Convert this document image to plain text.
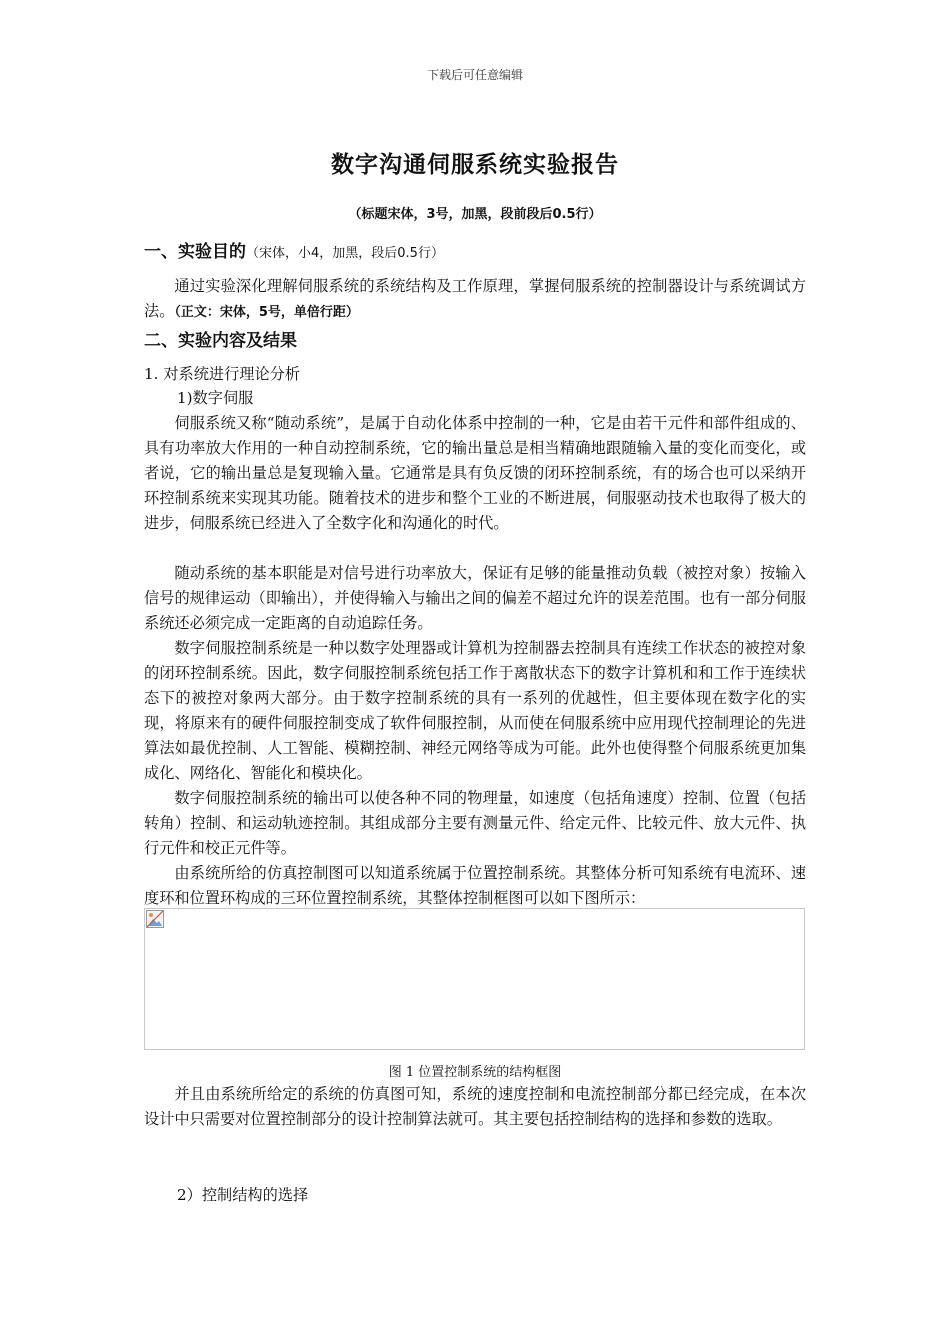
下载后可任意编辑
数字沟通伺服系统实验报告
（标题宋体，3号，加黑，段前段后0.5行）
一、实验目的（宋体，小4，加黑，段后0.5行）

通过实验深化理解伺服系统的系统结构及工作原理，掌握伺服系统的控制器设计与系统调试方法。（正文：宋体，5号，单倍行距）

二、实验内容及结果
1. 对系统进行理论分析
1)数字伺服

伺服系统又称“随动系统”，是属于自动化体系中控制的一种，它是由若干元件和部件组成的、具有功率放大作用的一种自动控制系统，它的输出量总是相当精确地跟随输入量的变化而变化，或者说，它的输出量总是复现输入量。它通常是具有负反馈的闭环控制系统，有的场合也可以采纳开环控制系统来实现其功能。随着技术的进步和整个工业的不断进展，伺服驱动技术也取得了极大的进步，伺服系统已经进入了全数字化和沟通化的时代。

随动系统的基本职能是对信号进行功率放大，保证有足够的能量推动负载（被控对象）按输入信号的规律运动（即输出），并使得输入与输出之间的偏差不超过允许的误差范围。也有一部分伺服系统还必须完成一定距离的自动追踪任务。

数字伺服控制系统是一种以数字处理器或计算机为控制器去控制具有连续工作状态的被控对象的闭环控制系统。因此，数字伺服控制系统包括工作于离散状态下的数字计算机和和工作于连续状态下的被控对象两大部分。由于数字控制系统的具有一系列的优越性，但主要体现在数字化的实现，将原来有的硬件伺服控制变成了软件伺服控制，从而使在伺服系统中应用现代控制理论的先进算法如最优控制、人工智能、模糊控制、神经元网络等成为可能。此外也使得整个伺服系统更加集成化、网络化、智能化和模块化。

数字伺服控制系统的输出可以使各种不同的物理量，如速度（包括角速度）控制、位置（包括转角）控制、和运动轨迹控制。其组成部分主要有测量元件、给定元件、比较元件、放大元件、执行元件和校正元件等。

由系统所给的仿真控制图可以知道系统属于位置控制系统。其整体分析可知系统有电流环、速度环和位置环构成的三环位置控制系统，其整体控制框图可以如下图所示：

图 1 位置控制系统的结构框图

并且由系统所给定的系统的仿真图可知，系统的速度控制和电流控制部分都已经完成，在本次设计中只需要对位置控制部分的设计控制算法就可。其主要包括控制结构的选择和参数的选取。

2）控制结构的选择
